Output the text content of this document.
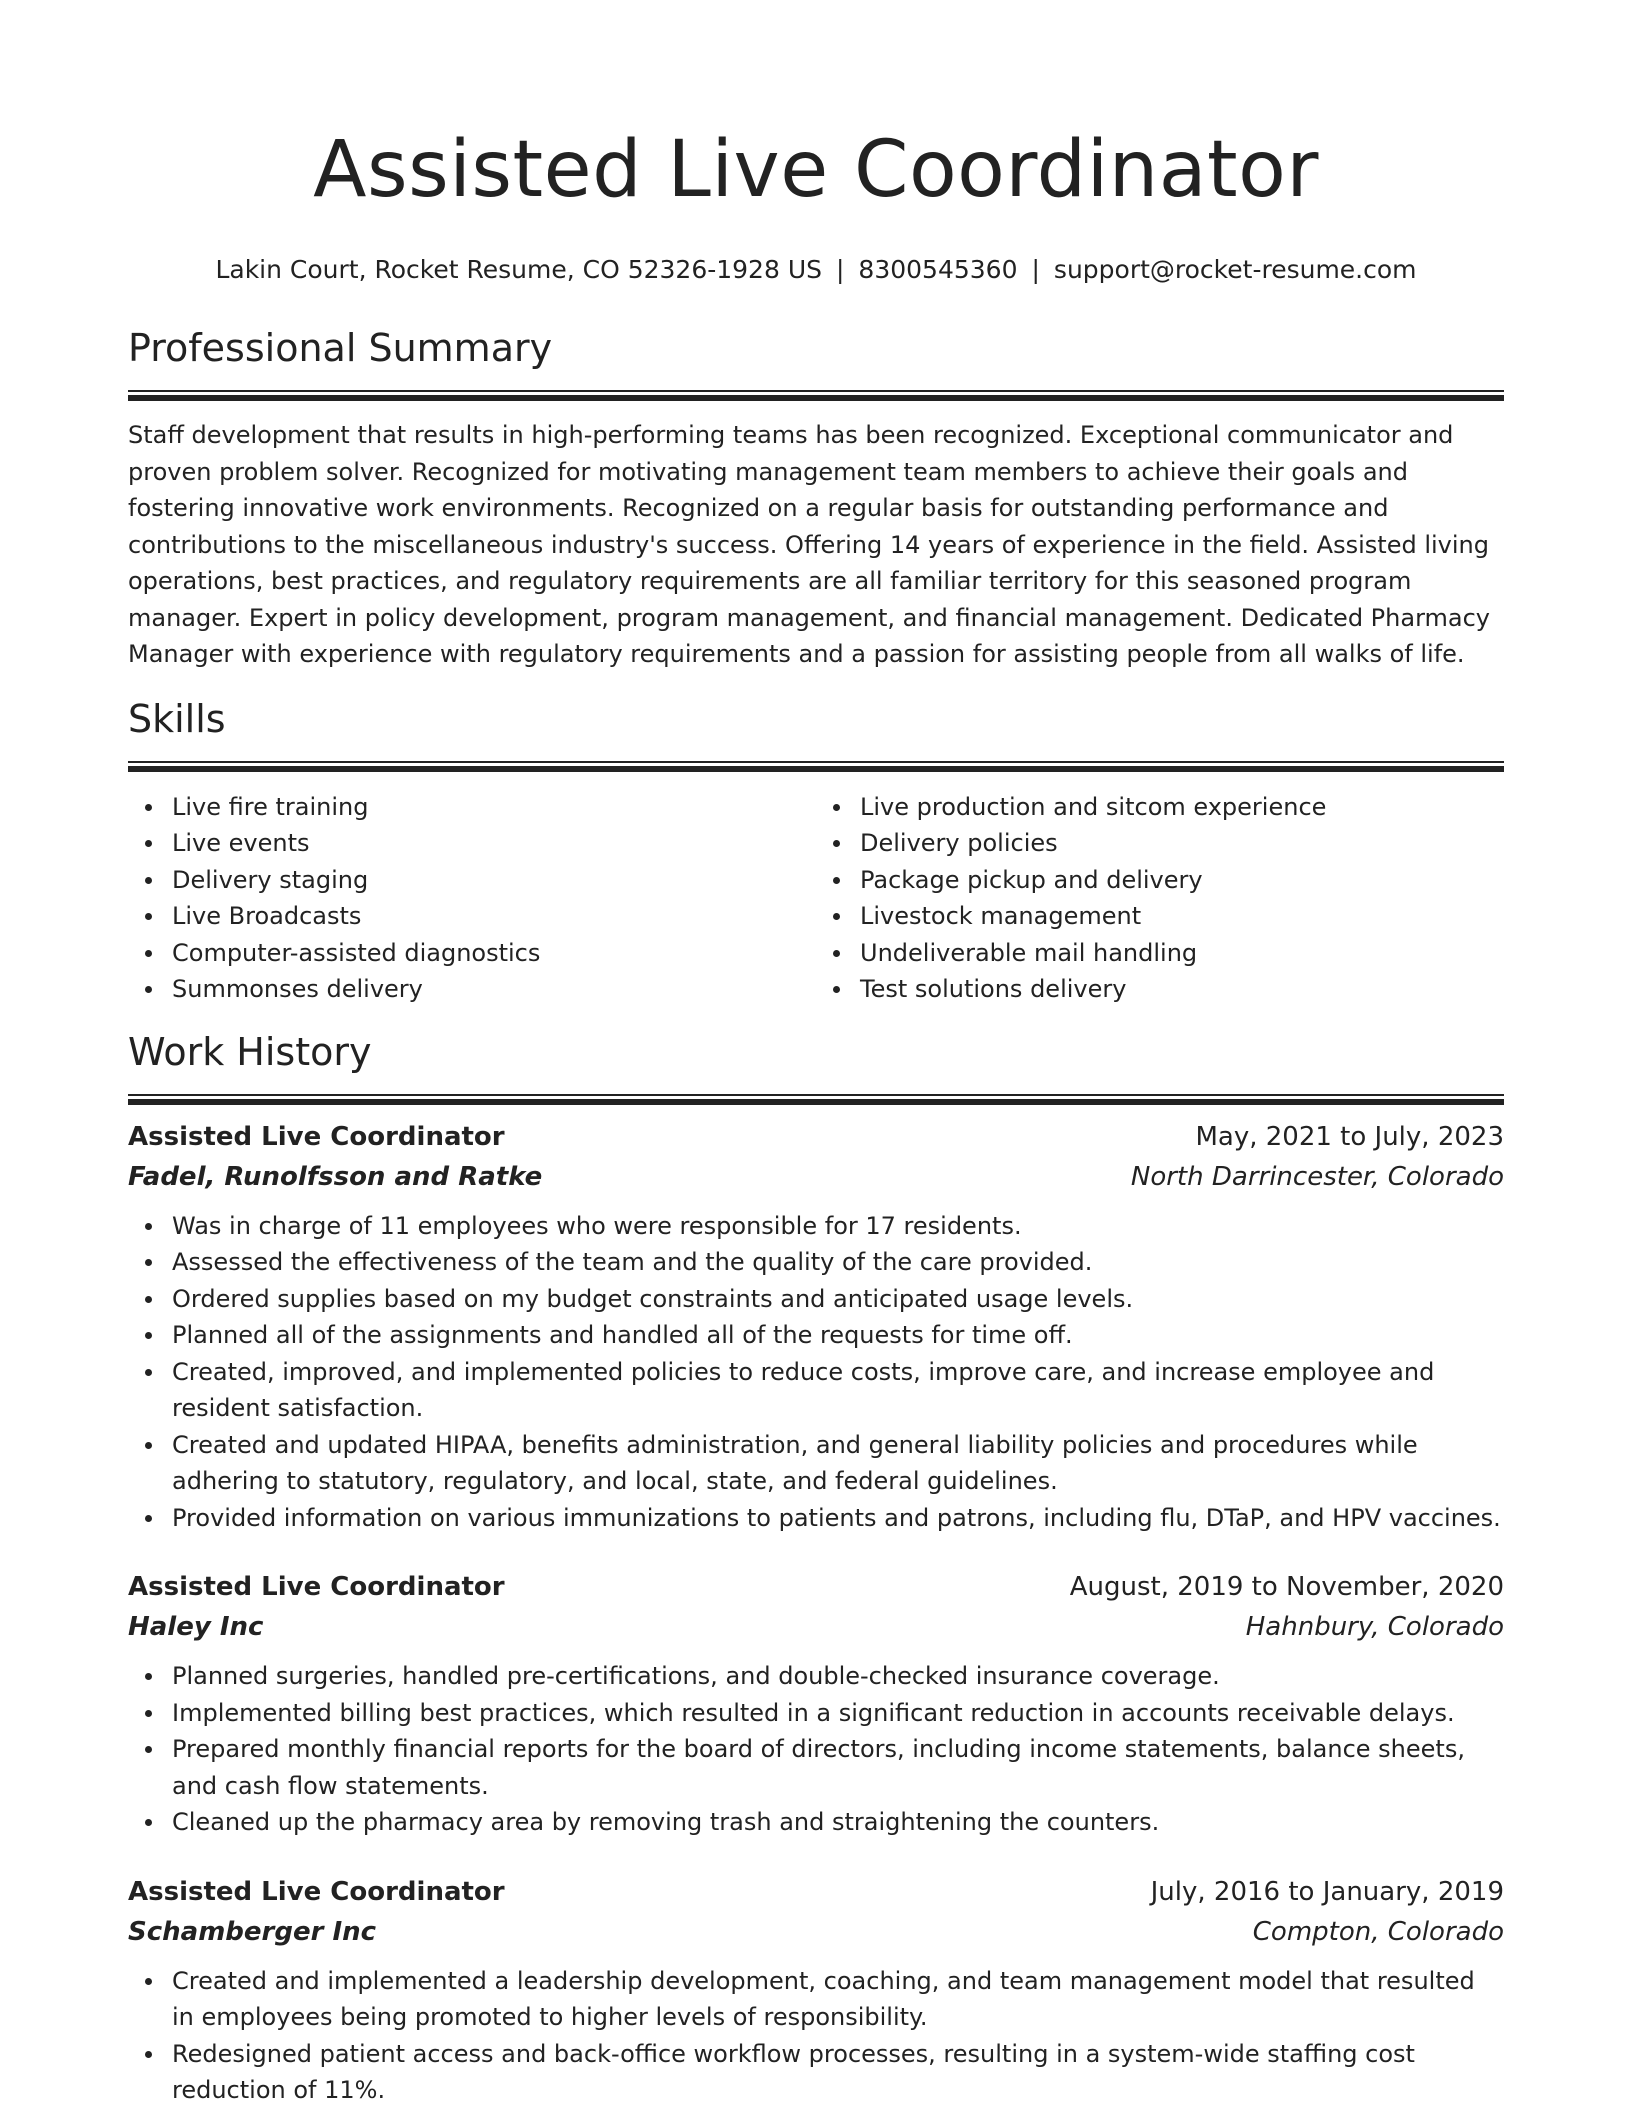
Assisted Live Coordinator
Lakin Court, Rocket Resume, CO 52326-1928 US | 8300545360 | support@rocket-resume.com
Professional Summary

Staff development that results in high-performing teams has been recognized. Exceptional communicator and proven problem solver. Recognized for motivating management team members to achieve their goals and fostering innovative work environments. Recognized on a regular basis for outstanding performance and contributions to the miscellaneous industry's success. Offering 14 years of experience in the field. Assisted living operations, best practices, and regulatory requirements are all familiar territory for this seasoned program manager. Expert in policy development, program management, and financial management. Dedicated Pharmacy Manager with experience with regulatory requirements and a passion for assisting people from all walks of life.

Skills
Live fire training
Live events
Delivery staging
Live Broadcasts
Computer-assisted diagnostics
Summonses delivery
Live production and sitcom experience
Delivery policies
Package pickup and delivery
Livestock management
Undeliverable mail handling
Test solutions delivery
Work History
Assisted Live Coordinator	May, 2021 to July, 2023
Fadel, Runolfsson and Ratke	North Darrincester, Colorado
Was in charge of 11 employees who were responsible for 17 residents.
Assessed the effectiveness of the team and the quality of the care provided.
Ordered supplies based on my budget constraints and anticipated usage levels.
Planned all of the assignments and handled all of the requests for time off.
Created, improved, and implemented policies to reduce costs, improve care, and increase employee and resident satisfaction.
Created and updated HIPAA, benefits administration, and general liability policies and procedures while adhering to statutory, regulatory, and local, state, and federal guidelines.
Provided information on various immunizations to patients and patrons, including flu, DTaP, and HPV vaccines.
Assisted Live Coordinator	August, 2019 to November, 2020
Haley Inc	Hahnbury, Colorado
Planned surgeries, handled pre-certifications, and double-checked insurance coverage.
Implemented billing best practices, which resulted in a significant reduction in accounts receivable delays.
Prepared monthly financial reports for the board of directors, including income statements, balance sheets, and cash flow statements.
Cleaned up the pharmacy area by removing trash and straightening the counters.
Assisted Live Coordinator	July, 2016 to January, 2019
Schamberger Inc	Compton, Colorado
Created and implemented a leadership development, coaching, and team management model that resulted in employees being promoted to higher levels of responsibility.
Redesigned patient access and back-office workflow processes, resulting in a system-wide staffing cost reduction of 11%.
